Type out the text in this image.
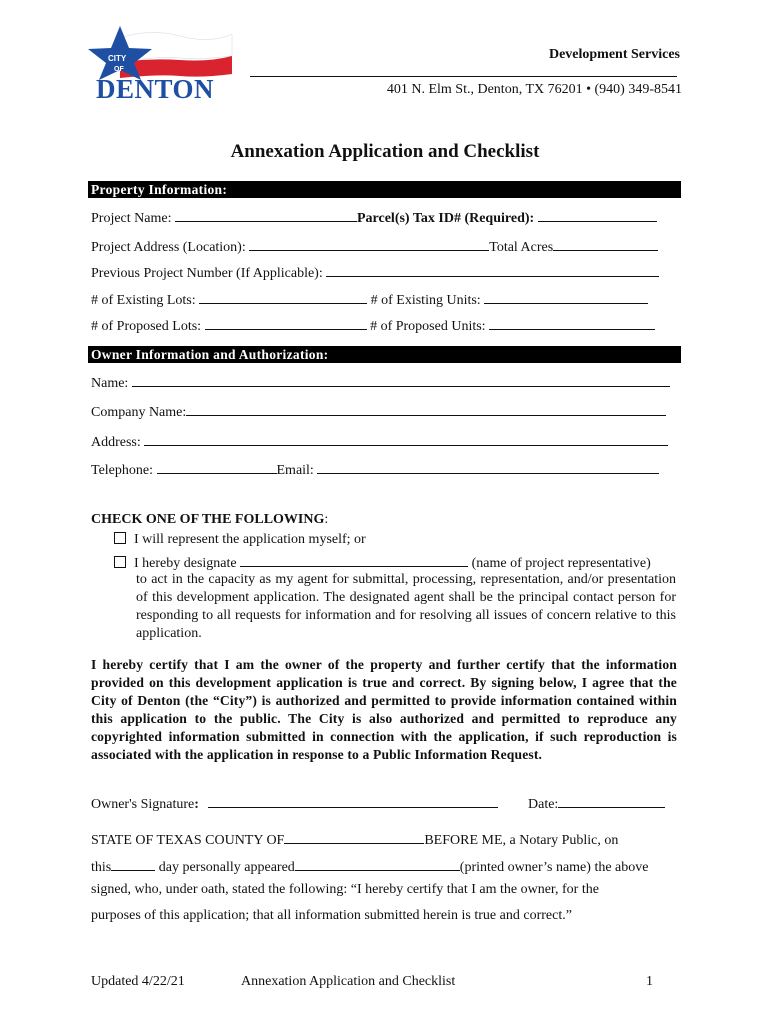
CITY
OF
DENTON
Development Services
401 N. Elm St., Denton, TX 76201 • (940) 349-8541
Annexation Application and Checklist
Property Information:
Project Name:	Parcel(s) Tax ID# (Required):
Project Address (Location):	Total Acres
Previous Project Number (If Applicable):
# of Existing Lots:	# of Existing Units:
# of Proposed Lots:	# of Proposed Units:
Owner Information and Authorization:
Name:
Company Name:
Address:
Telephone:	Email:
CHECK ONE OF THE FOLLOWING:
I will represent the application myself; or
I hereby designate	(name of project representative)
to act in the capacity as my agent for submittal, processing, representation, and/or presentation of this development application. The designated agent shall be the principal contact person for responding to all requests for information and for resolving all issues of concern relative to this application.
I hereby certify that I am the owner of the property and further certify that the information provided on this development application is true and correct. By signing below, I agree that the City of Denton (the “City”) is authorized and permitted to provide information contained within this application to the public. The City is also authorized and permitted to reproduce any copyrighted information submitted in connection with the application, if such reproduction is associated with the application in response to a Public Information Request.
Owner's Signature:	Date:
STATE OF TEXAS COUNTY OF	BEFORE ME, a Notary Public, on
this	day personally appeared	(printed owner’s name) the above
signed, who, under oath, stated the following: “I hereby certify that I am the owner, for the
purposes of this application; that all information submitted herein is true and correct.”
Updated 4/22/21	Annexation Application and Checklist	1
